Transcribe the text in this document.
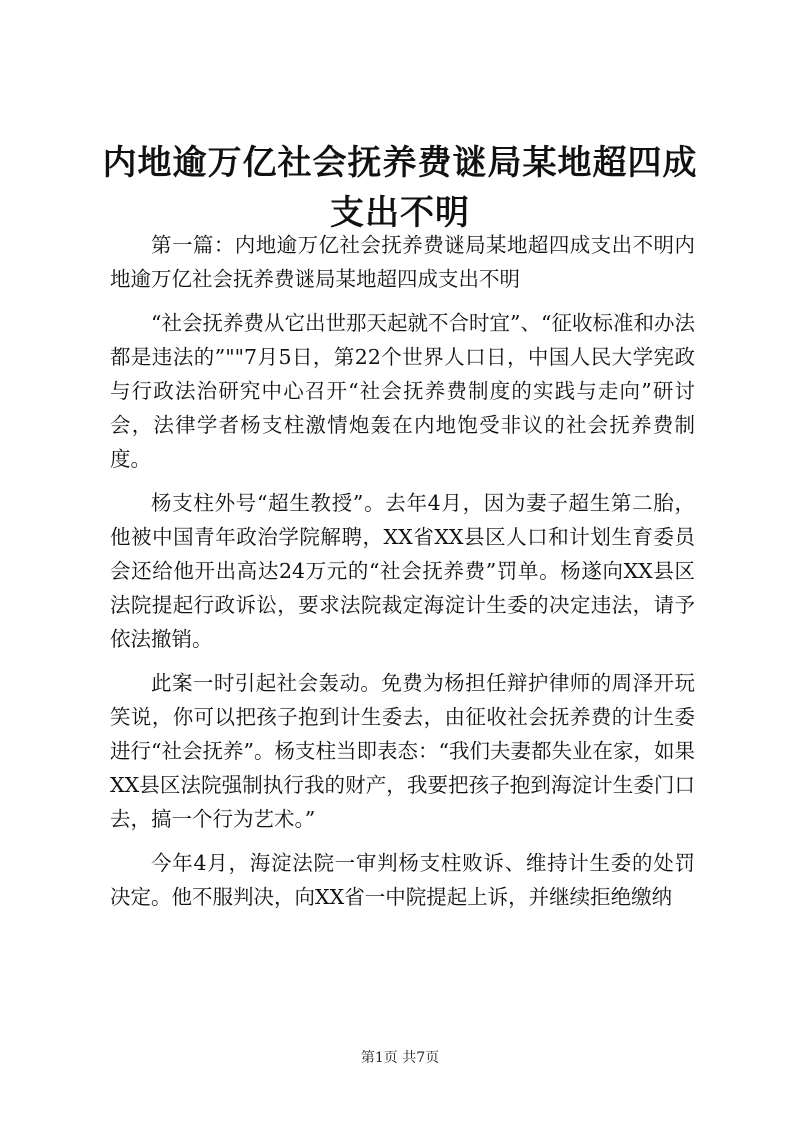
内地逾万亿社会抚养费谜局某地超四成支出不明

第一篇：内地逾万亿社会抚养费谜局某地超四成支出不明内地逾万亿社会抚养费谜局某地超四成支出不明

“社会抚养费从它出世那天起就不合时宜”、“征收标准和办法都是违法的”""7月5日，第22个世界人口日，中国人民大学宪政与行政法治研究中心召开“社会抚养费制度的实践与走向”研讨会，法律学者杨支柱激情炮轰在内地饱受非议的社会抚养费制度。

杨支柱外号“超生教授”。去年4月，因为妻子超生第二胎，他被中国青年政治学院解聘，XX省XX县区人口和计划生育委员会还给他开出高达24万元的“社会抚养费”罚单。杨遂向XX县区法院提起行政诉讼，要求法院裁定海淀计生委的决定违法，请予依法撤销。

此案一时引起社会轰动。免费为杨担任辩护律师的周泽开玩笑说，你可以把孩子抱到计生委去，由征收社会抚养费的计生委进行“社会抚养”。杨支柱当即表态：“我们夫妻都失业在家，如果XX县区法院强制执行我的财产，我要把孩子抱到海淀计生委门口去，搞一个行为艺术。”

今年4月，海淀法院一审判杨支柱败诉、维持计生委的处罚决定。他不服判决，向XX省一中院提起上诉，并继续拒绝缴纳

第1页 共7页
